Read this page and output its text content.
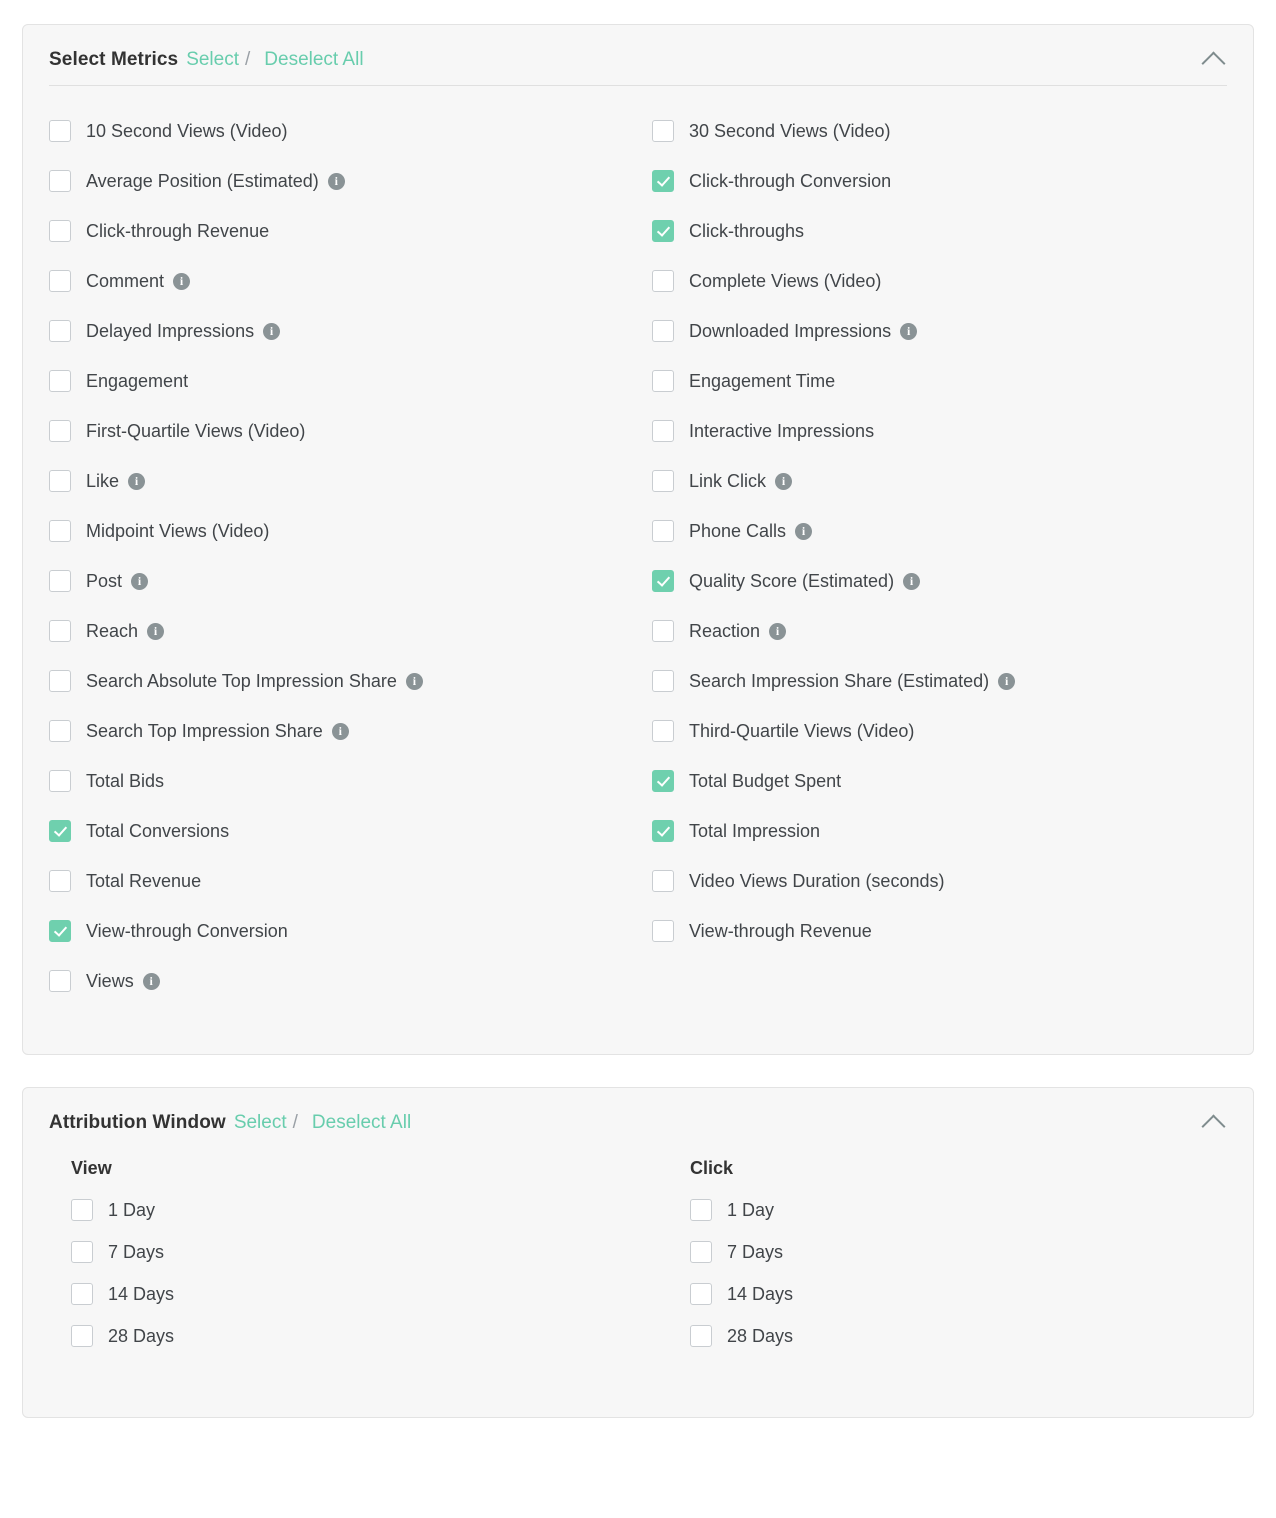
Select Metrics Select / Deselect All
10 Second Views (Video)
Average Position (Estimated)	i
Click-through Revenue
Comment	i
Delayed Impressions	i
Engagement
First-Quartile Views (Video)
Like	i
Midpoint Views (Video)
Post	i
Reach	i
Search Absolute Top Impression Share	i
Search Top Impression Share	i
Total Bids
Total Conversions
Total Revenue
View-through Conversion
Views	i
30 Second Views (Video)
Click-through Conversion
Click-throughs
Complete Views (Video)
Downloaded Impressions	i
Engagement Time
Interactive Impressions
Link Click	i
Phone Calls	i
Quality Score (Estimated)	i
Reaction	i
Search Impression Share (Estimated)	i
Third-Quartile Views (Video)
Total Budget Spent
Total Impression
Video Views Duration (seconds)
View-through Revenue
Attribution Window Select / Deselect All
View
1 Day
7 Days
14 Days
28 Days
Click
1 Day
7 Days
14 Days
28 Days
